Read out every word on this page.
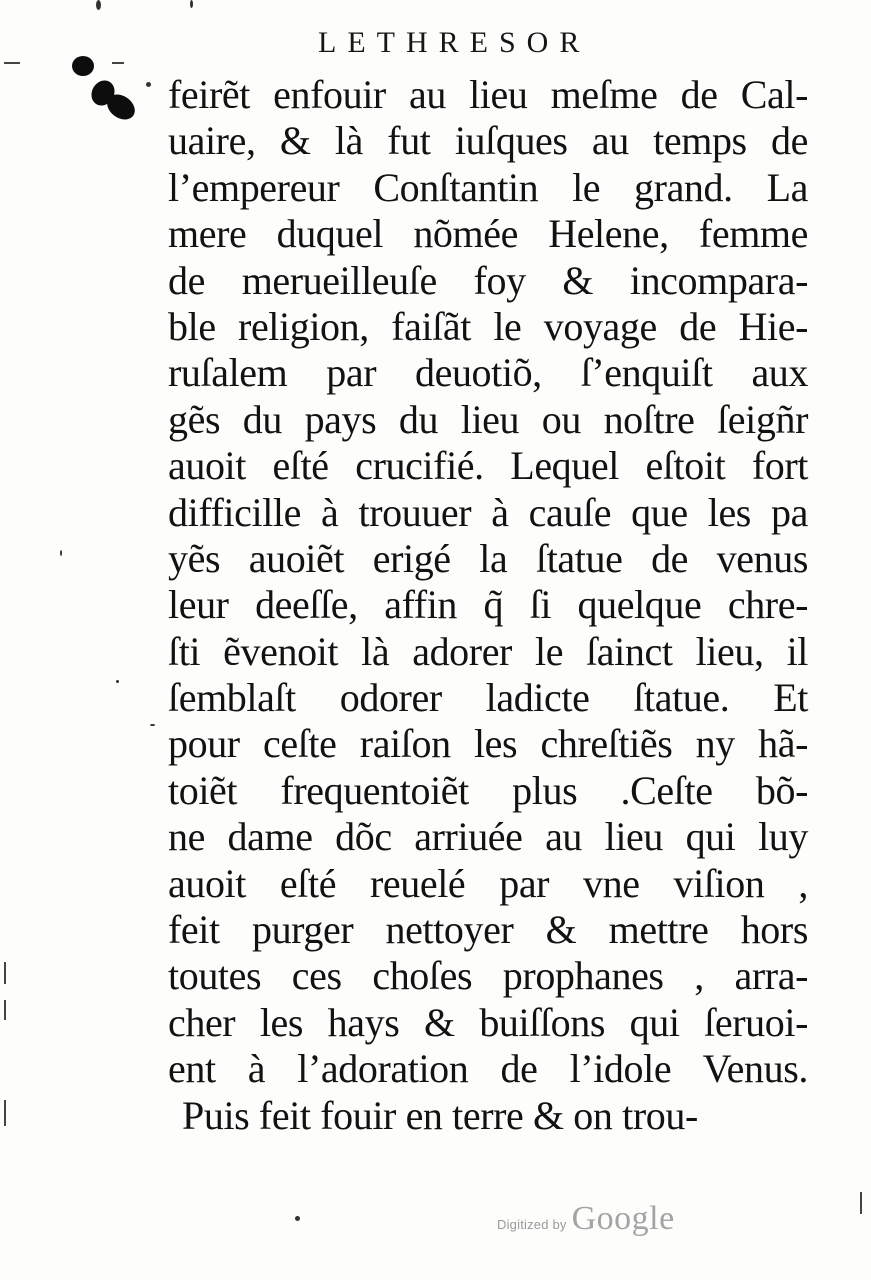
LETHRESOR
feirẽt enfouir au lieu meſme de Cal-
uaire, & là fut iuſques au temps de
l’empereur Conſtantin le grand. La
mere duquel nõmée Helene, femme
de merueilleuſe foy & incompara-
ble religion, faiſãt le voyage de Hie-
ruſalem par deuotiõ, ſ’enquiſt aux
gẽs du pays du lieu ou noſtre ſeigñr
auoit eſté crucifié. Lequel eſtoit fort
difficille à trouuer à cauſe que les pa
yẽs auoiẽt erigé la ſtatue de venus
leur deeſſe, affin q̃ ſi quelque chre-
ſti ẽvenoit là adorer le ſainct lieu, il
ſemblaſt odorer ladicte ſtatue. Et
pour ceſte raiſon les chreſtiẽs ny hã-
toiẽt frequentoiẽt plus .Ceſte bõ-
ne dame dõc arriuée au lieu qui luy
auoit eſté reuelé par vne viſion ,
feit purger nettoyer & mettre hors
toutes ces choſes prophanes , arra-
cher les hays & buiſſons qui ſeruoi-
ent à l’adoration de l’idole Venus.
Puis feit fouir en terre & on trou-
Digitized by Google
